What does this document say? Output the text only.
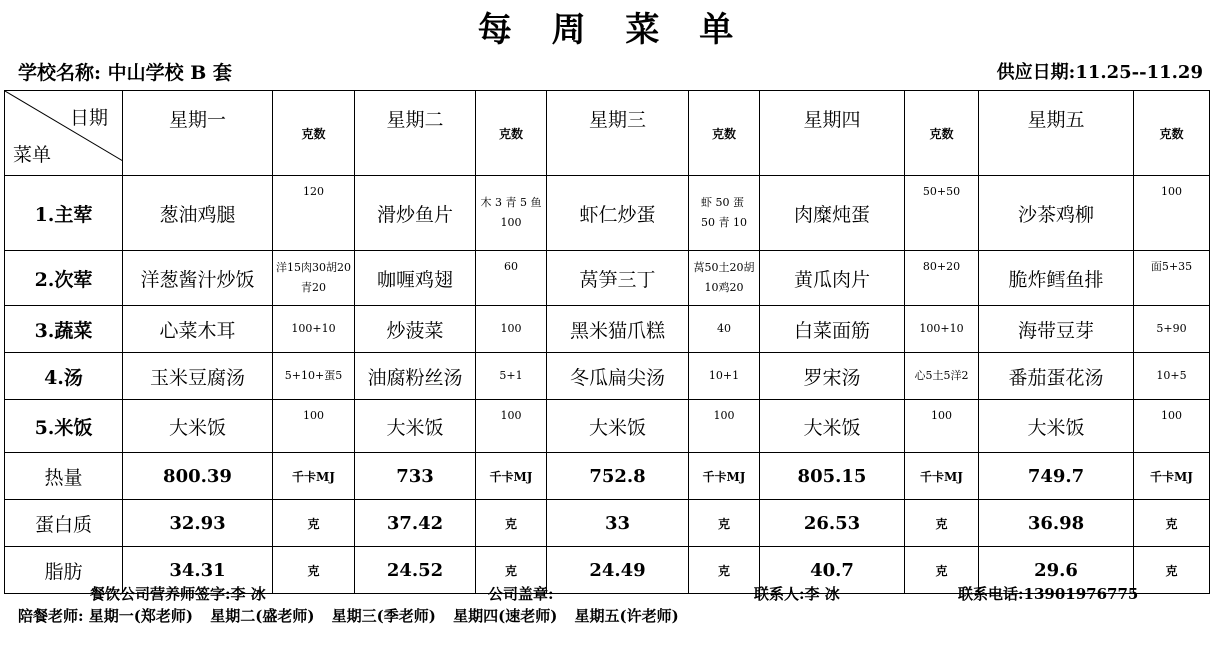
每 周 菜 单
学校名称: 中山学校 B 套	供应日期:11.25--11.29
日期
菜单	星期一	克数	星期二	克数	星期三	克数	星期四	克数	星期五	克数
1.主荤	葱油鸡腿	120	滑炒鱼片	木 3 青 5 鱼 100	虾仁炒蛋	虾 50 蛋 50 青 10	肉糜炖蛋	50+50	沙茶鸡柳	100
2.次荤	洋葱酱汁炒饭	洋15肉30胡20青20	咖喱鸡翅	60	莴笋三丁	莴50土20胡10鸡20	黄瓜肉片	80+20	脆炸鳕鱼排	面5+35
3.蔬菜	心菜木耳	100+10	炒菠菜	100	黑米猫爪糕	40	白菜面筋	100+10	海带豆芽	5+90
4.汤	玉米豆腐汤	5+10+蛋5	油腐粉丝汤	5+1	冬瓜扁尖汤	10+1	罗宋汤	心5土5洋2	番茄蛋花汤	10+5
5.米饭	大米饭	100	大米饭	100	大米饭	100	大米饭	100	大米饭	100
热量	800.39	千卡MJ	733	千卡MJ	752.8	千卡MJ	805.15	千卡MJ	749.7	千卡MJ
蛋白质	32.93	克	37.42	克	33	克	26.53	克	36.98	克
脂肪	34.31	克	24.52	克	24.49	克	40.7	克	29.6	克
餐饮公司营养师签字:李 冰	公司盖章:	联系人:李 冰	联系电话:13901976775
陪餐老师: 星期一(郑老师) 星期二(盛老师) 星期三(季老师) 星期四(速老师) 星期五(许老师)
